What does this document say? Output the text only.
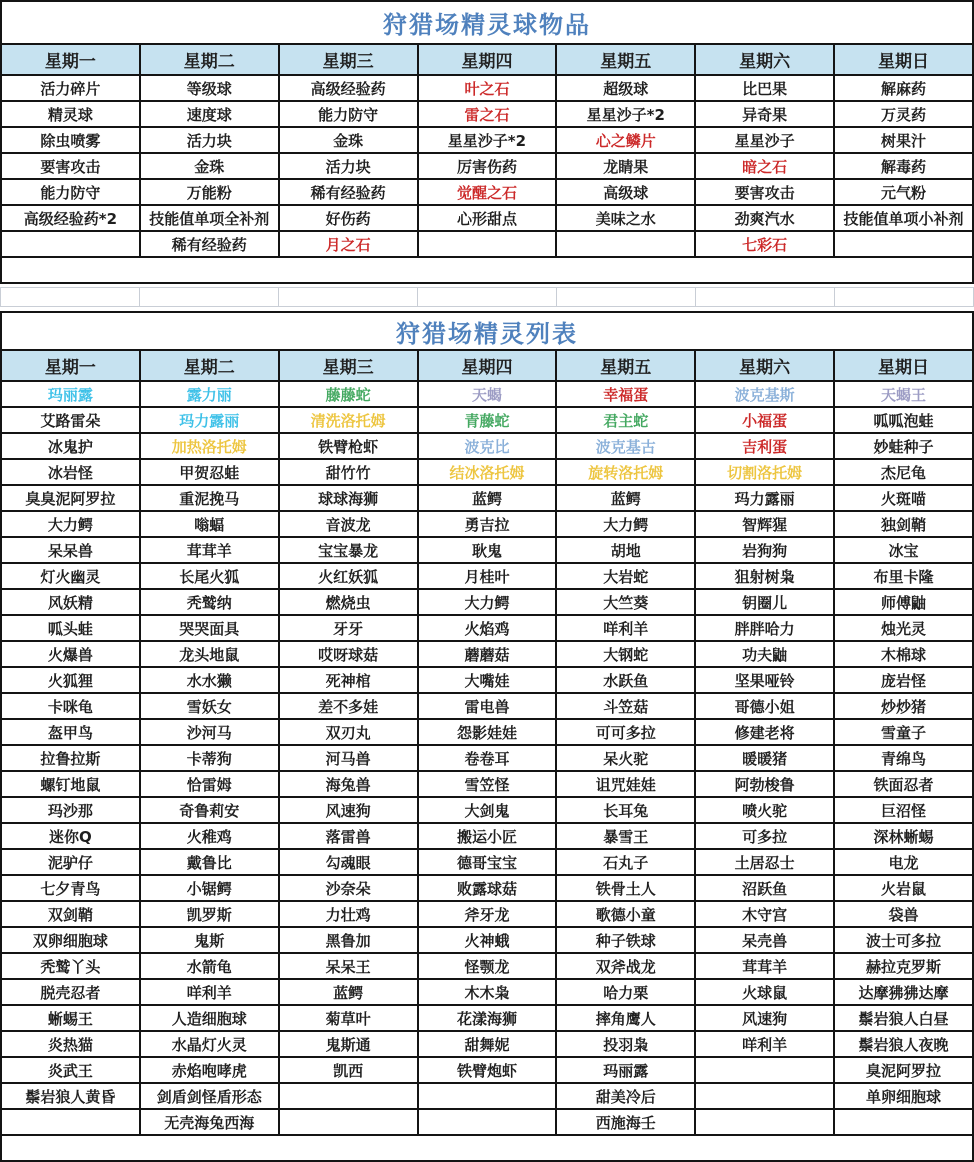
狩猎场精灵球物品						
星期一	星期二	星期三	星期四	星期五	星期六	星期日
活力碎片	等级球	高级经验药	叶之石	超级球	比巴果	解麻药
精灵球	速度球	能力防守	雷之石	星星沙子*2	异奇果	万灵药
除虫喷雾	活力块	金珠	星星沙子*2	心之鳞片	星星沙子	树果汁
要害攻击	金珠	活力块	厉害伤药	龙睛果	暗之石	解毒药
能力防守	万能粉	稀有经验药	觉醒之石	高级球	要害攻击	元气粉
高级经验药*2	技能值单项全补剂	好伤药	心形甜点	美味之水	劲爽汽水	技能值单项小补剂
	稀有经验药	月之石			七彩石	

狩猎场精灵列表						
星期一	星期二	星期三	星期四	星期五	星期六	星期日
玛丽露	露力丽	藤藤蛇	天蝎	幸福蛋	波克基斯	天蝎王
艾路雷朵	玛力露丽	清洗洛托姆	青藤蛇	君主蛇	小福蛋	呱呱泡蛙
冰鬼护	加热洛托姆	铁臂枪虾	波克比	波克基古	吉利蛋	妙蛙种子
冰岩怪	甲贺忍蛙	甜竹竹	结冰洛托姆	旋转洛托姆	切割洛托姆	杰尼龟
臭臭泥阿罗拉	重泥挽马	球球海狮	蓝鳄	蓝鳄	玛力露丽	火斑喵
大力鳄	嗡蝠	音波龙	勇吉拉	大力鳄	智辉猩	独剑鞘
呆呆兽	茸茸羊	宝宝暴龙	耿鬼	胡地	岩狗狗	冰宝
灯火幽灵	长尾火狐	火红妖狐	月桂叶	大岩蛇	狙射树枭	布里卡隆
风妖精	秃鹫纳	燃烧虫	大力鳄	大竺葵	钥圈儿	师傅鼬
呱头蛙	哭哭面具	牙牙	火焰鸡	咩利羊	胖胖哈力	烛光灵
火爆兽	龙头地鼠	哎呀球菇	蘑蘑菇	大钢蛇	功夫鼬	木棉球
火狐狸	水水獭	死神棺	大嘴娃	水跃鱼	坚果哑铃	庞岩怪
卡咪龟	雪妖女	差不多娃	雷电兽	斗笠菇	哥德小姐	炒炒猪
盔甲鸟	沙河马	双刃丸	怨影娃娃	可可多拉	修建老将	雪童子
拉鲁拉斯	卡蒂狗	河马兽	卷卷耳	呆火驼	暖暖猪	青绵鸟
螺钉地鼠	恰雷姆	海兔兽	雪笠怪	诅咒娃娃	阿勃梭鲁	铁面忍者
玛沙那	奇鲁莉安	风速狗	大剑鬼	长耳兔	喷火驼	巨沼怪
迷你Q	火稚鸡	落雷兽	搬运小匠	暴雪王	可多拉	深林蜥蜴
泥驴仔	戴鲁比	勾魂眼	德哥宝宝	石丸子	土居忍士	电龙
七夕青鸟	小锯鳄	沙奈朵	败露球菇	铁骨土人	沼跃鱼	火岩鼠
双剑鞘	凯罗斯	力壮鸡	斧牙龙	歌德小童	木守宫	袋兽
双卵细胞球	鬼斯	黑鲁加	火神蛾	种子铁球	呆壳兽	波士可多拉
秃鹫丫头	水箭龟	呆呆王	怪颚龙	双斧战龙	茸茸羊	赫拉克罗斯
脱壳忍者	咩利羊	蓝鳄	木木枭	哈力栗	火球鼠	达摩狒狒达摩
蜥蜴王	人造细胞球	菊草叶	花漾海狮	摔角鹰人	风速狗	鬃岩狼人白昼
炎热猫	水晶灯火灵	鬼斯通	甜舞妮	投羽枭	咩利羊	鬃岩狼人夜晚
炎武王	赤焰咆哮虎	凯西	铁臂炮虾	玛丽露		臭泥阿罗拉
鬃岩狼人黄昏	剑盾剑怪盾形态			甜美冷后		单卵细胞球
	无壳海兔西海			西施海壬		
